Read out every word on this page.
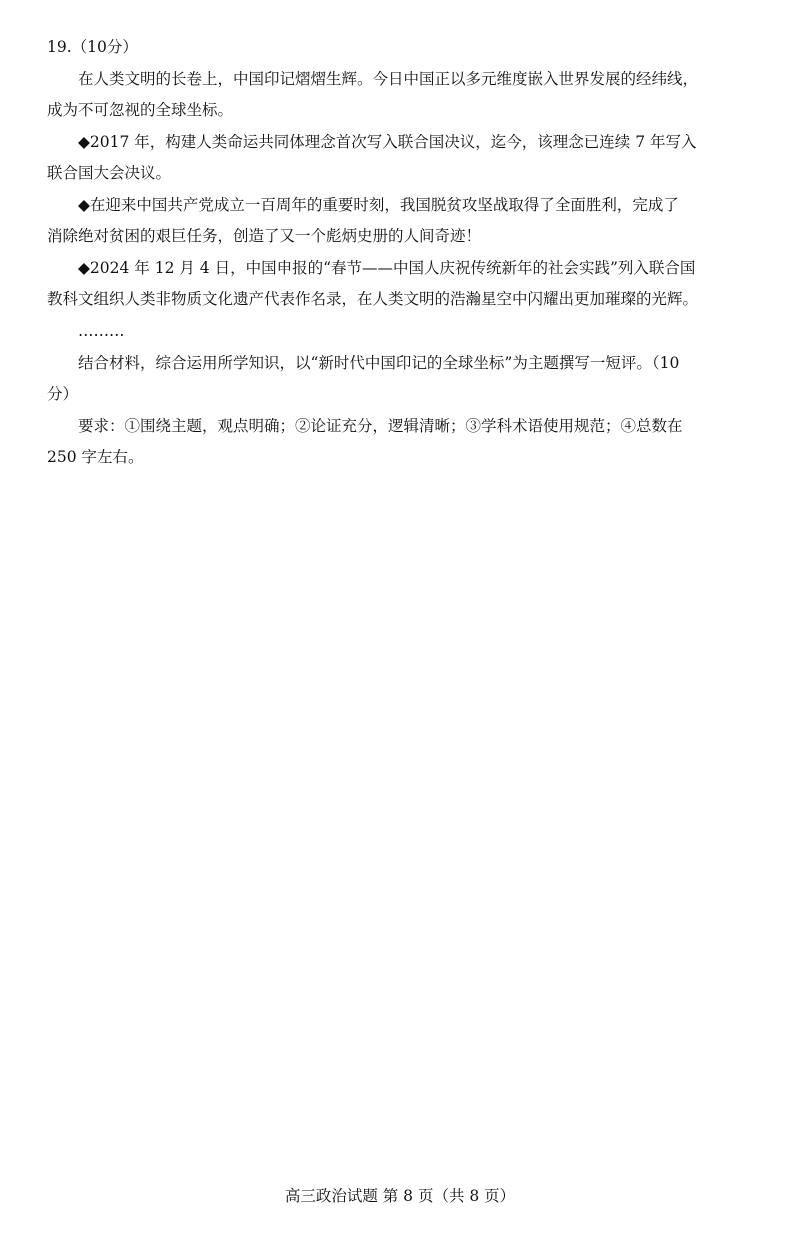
19.（10分）
在人类文明的长卷上，中国印记熠熠生辉。今日中国正以多元维度嵌入世界发展的经纬线，
成为不可忽视的全球坐标。
◆2017 年，构建人类命运共同体理念首次写入联合国决议，迄今，该理念已连续 7 年写入
联合国大会决议。
◆在迎来中国共产党成立一百周年的重要时刻，我国脱贫攻坚战取得了全面胜利，完成了
消除绝对贫困的艰巨任务，创造了又一个彪炳史册的人间奇迹！
◆2024 年 12 月 4 日，中国申报的“春节——中国人庆祝传统新年的社会实践”列入联合国
教科文组织人类非物质文化遗产代表作名录，在人类文明的浩瀚星空中闪耀出更加璀璨的光辉。
………
结合材料，综合运用所学知识，以“新时代中国印记的全球坐标”为主题撰写一短评。（10
分）
要求：①围绕主题，观点明确；②论证充分，逻辑清晰；③学科术语使用规范；④总数在
250 字左右。
高三政治试题 第 8 页（共 8 页）
